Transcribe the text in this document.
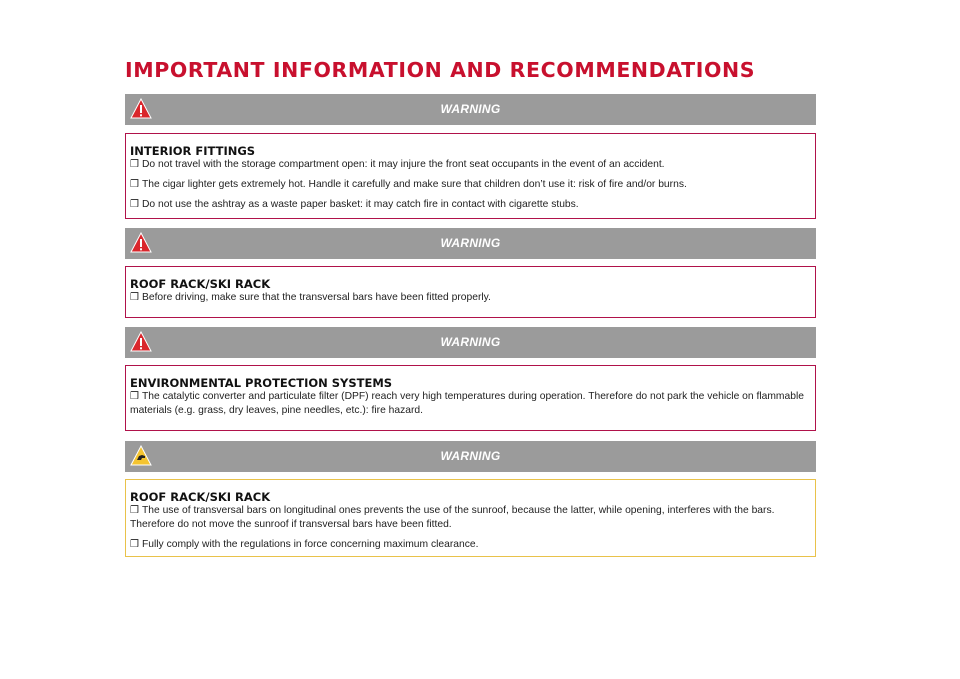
IMPORTANT INFORMATION AND RECOMMENDATIONS
WARNING
INTERIOR FITTINGS

❒ Do not travel with the storage compartment open: it may injure the front seat occupants in the event of an accident.

❒ The cigar lighter gets extremely hot. Handle it carefully and make sure that children don’t use it: risk of fire and/or burns.

❒ Do not use the ashtray as a waste paper basket: it may catch fire in contact with cigarette stubs.

WARNING
ROOF RACK/SKI RACK

❒ Before driving, make sure that the transversal bars have been fitted properly.

WARNING
ENVIRONMENTAL PROTECTION SYSTEMS

❒ The catalytic converter and particulate filter (DPF) reach very high temperatures during operation. Therefore do not park the vehicle on flammable materials (e.g. grass, dry leaves, pine needles, etc.): fire hazard.

WARNING
ROOF RACK/SKI RACK

❒ The use of transversal bars on longitudinal ones prevents the use of the sunroof, because the latter, while opening, interferes with the bars. Therefore do not move the sunroof if transversal bars have been fitted.

❒ Fully comply with the regulations in force concerning maximum clearance.
